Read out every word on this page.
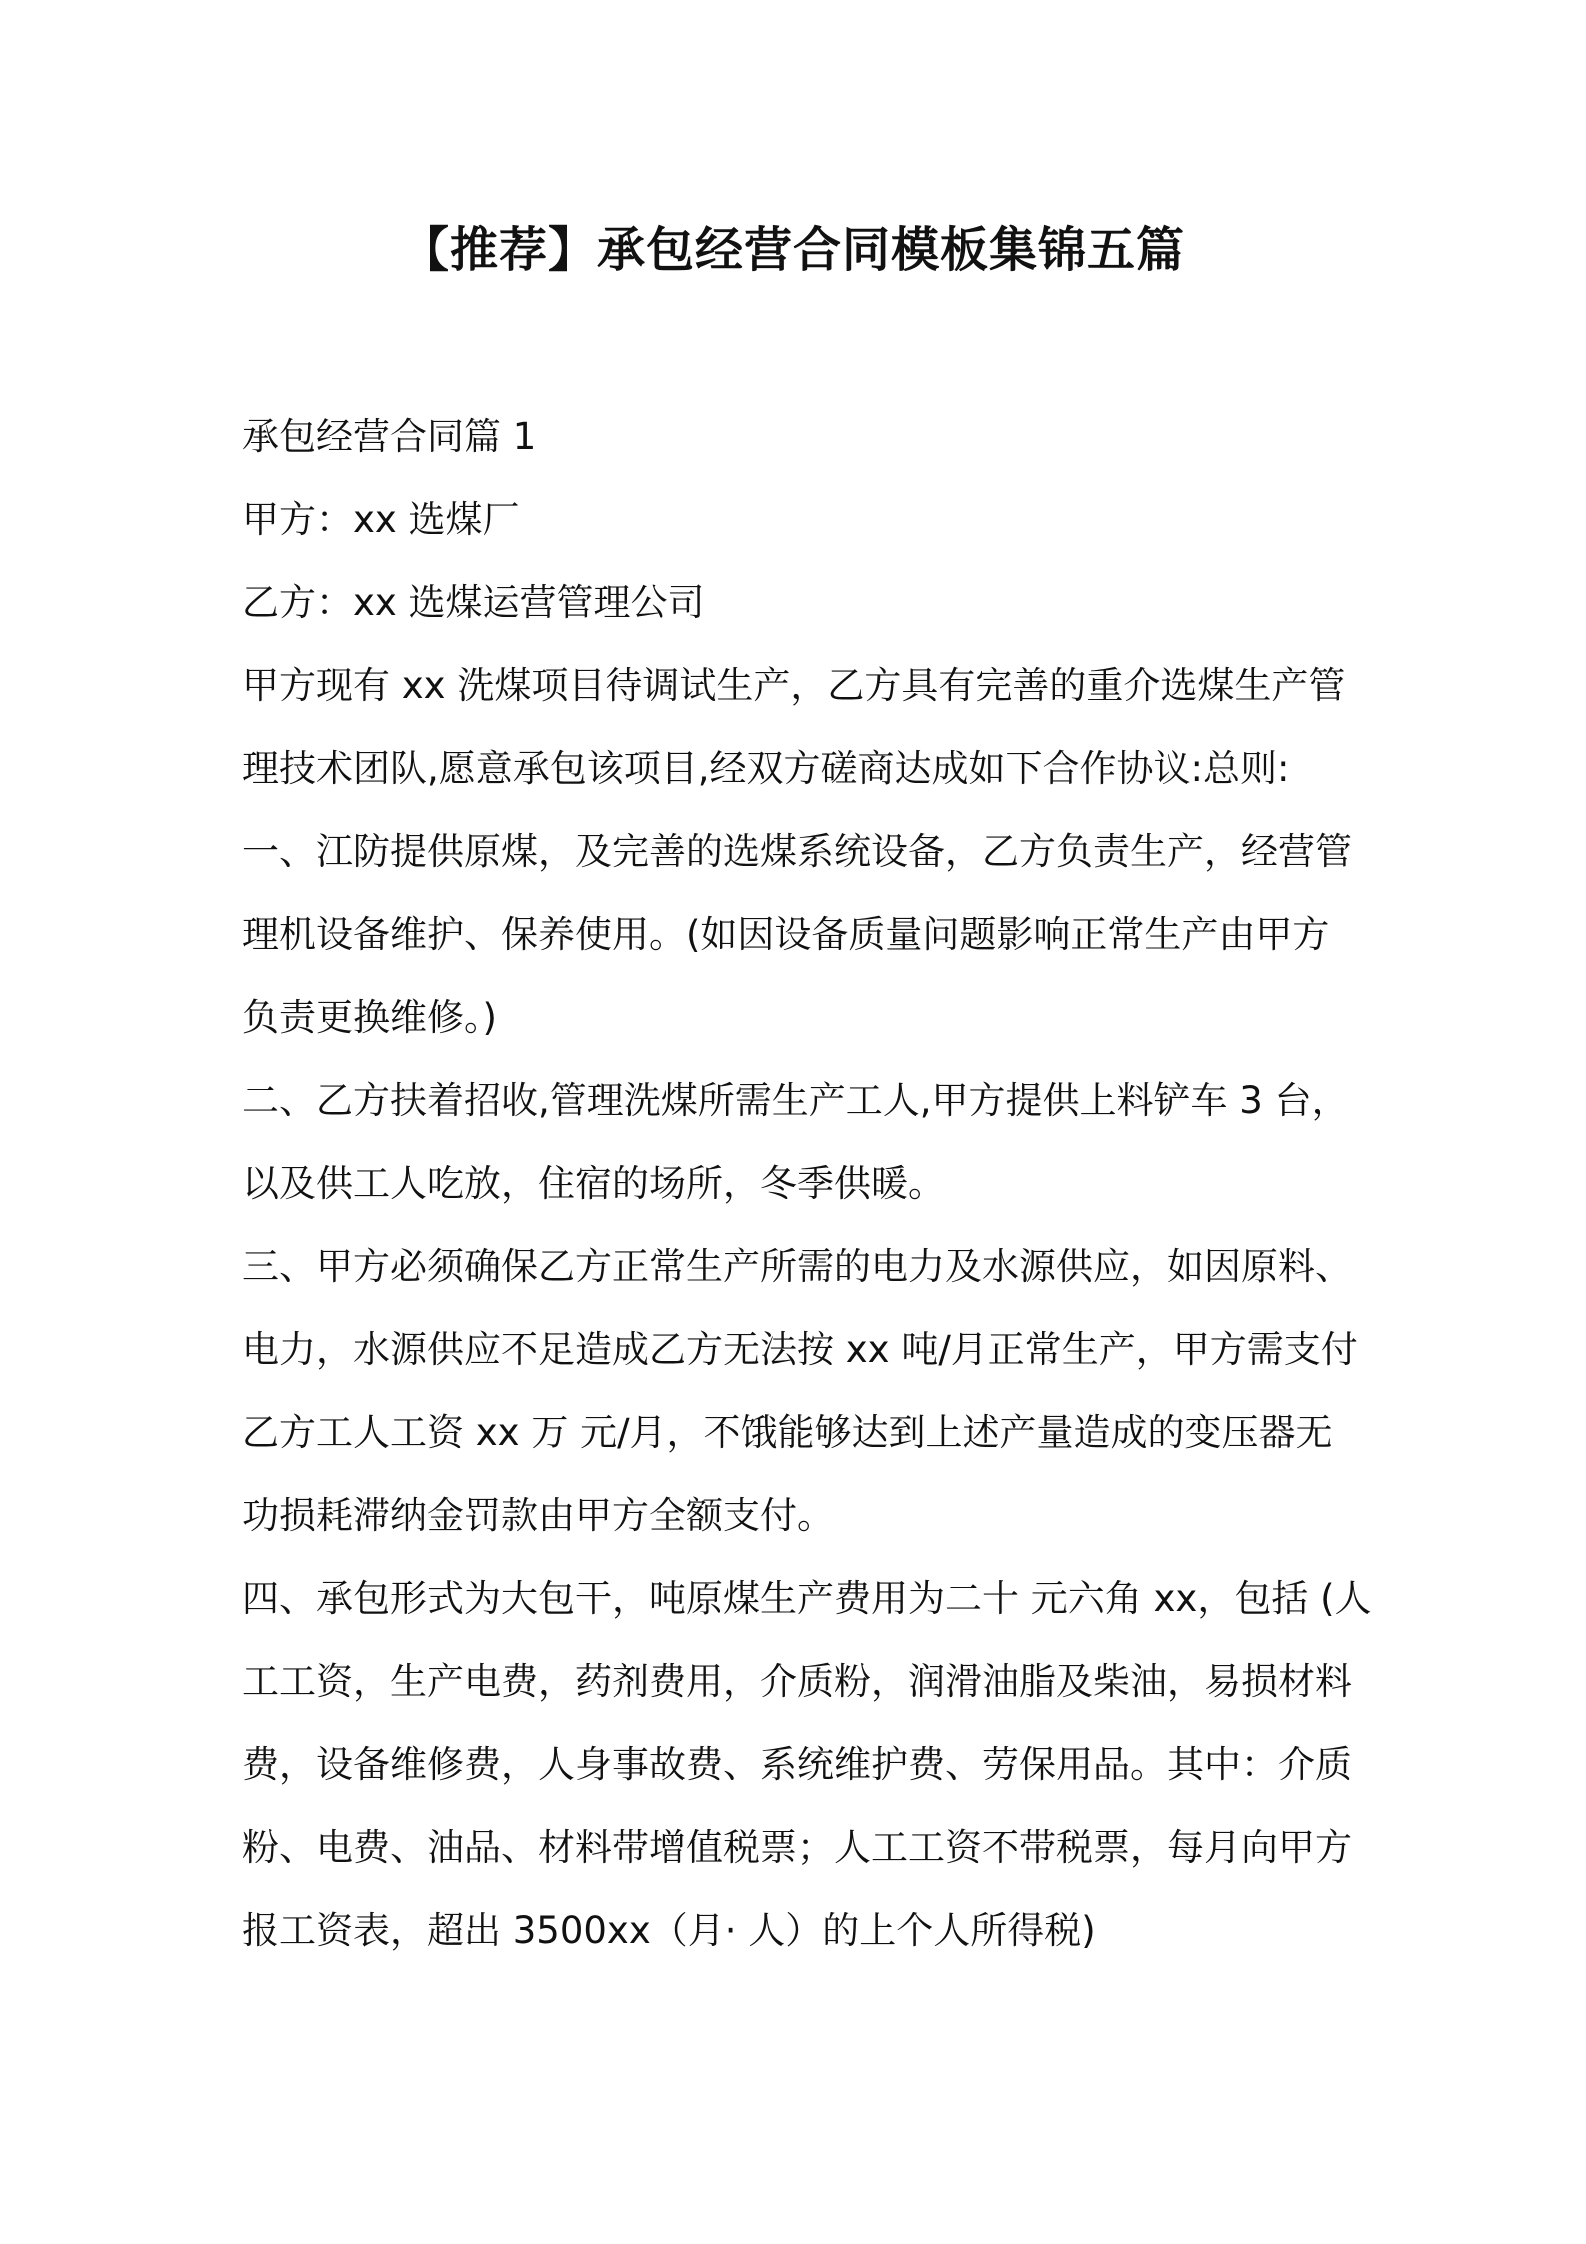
【推荐】承包经营合同模板集锦五篇

承包经营合同篇 1

甲方：xx 选煤厂

乙方：xx 选煤运营管理公司

甲方现有 xx 洗煤项目待调试生产，乙方具有完善的重介选煤生产管

理技术团队,愿意承包该项目,经双方磋商达成如下合作协议:总则:

一、江防提供原煤，及完善的选煤系统设备，乙方负责生产，经营管

理机设备维护、保养使用。(如因设备质量问题影响正常生产由甲方

负责更换维修。)

二、乙方扶着招收,管理洗煤所需生产工人,甲方提供上料铲车 3 台，

以及供工人吃放，住宿的场所，冬季供暖。

三、甲方必须确保乙方正常生产所需的电力及水源供应，如因原料、

电力，水源供应不足造成乙方无法按 xx 吨/月正常生产，甲方需支付

乙方工人工资 xx 万 元/月，不饿能够达到上述产量造成的变压器无

功损耗滞纳金罚款由甲方全额支付。

四、承包形式为大包干，吨原煤生产费用为二十 元六角 xx，包括 (人

工工资，生产电费，药剂费用，介质粉，润滑油脂及柴油，易损材料

费，设备维修费，人身事故费、系统维护费、劳保用品。其中：介质

粉、电费、油品、材料带增值税票；人工工资不带税票，每月向甲方

报工资表，超出 3500xx（月· 人）的上个人所得税)
